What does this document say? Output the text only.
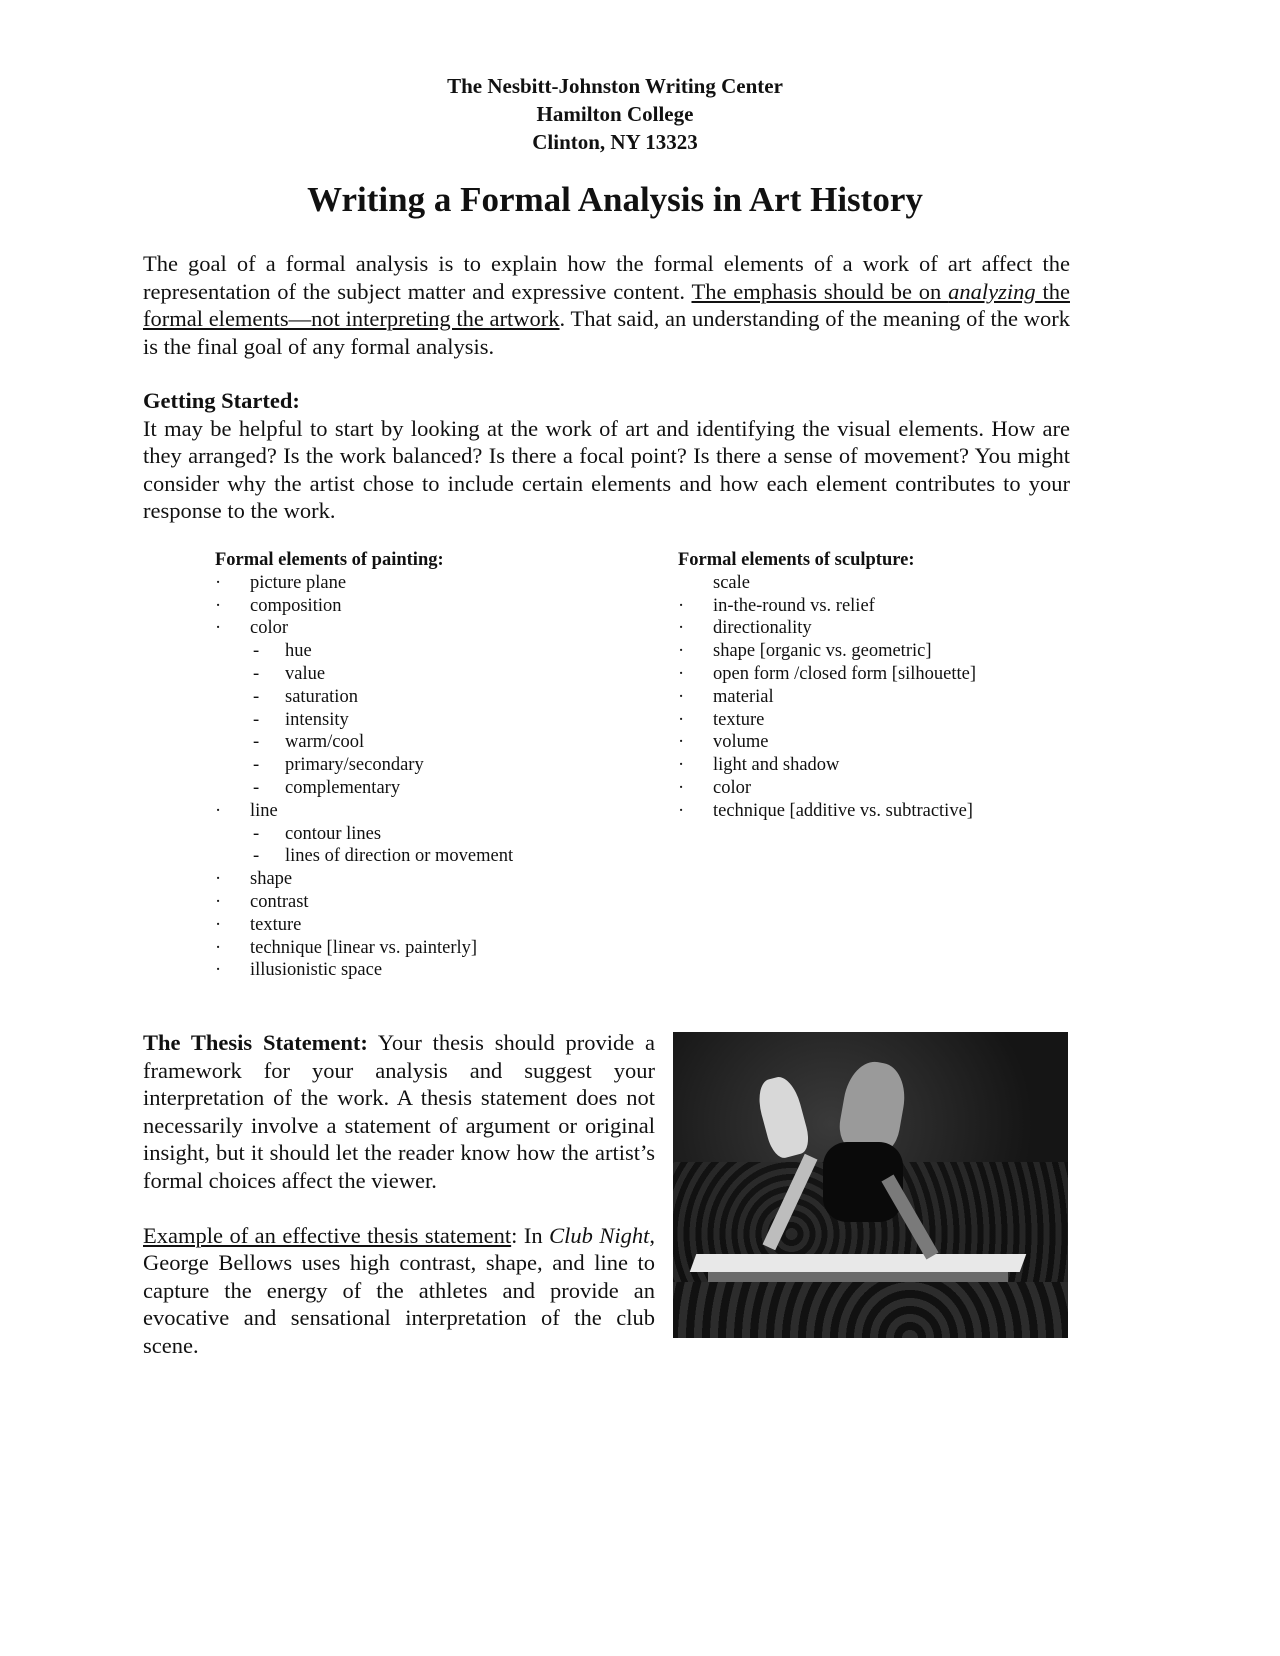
The Nesbitt-Johnston Writing Center
Hamilton College
Clinton, NY 13323
Writing a Formal Analysis in Art History
The goal of a formal analysis is to explain how the formal elements of a work of art affect the representation of the subject matter and expressive content. The emphasis should be on analyzing the formal elements—not interpreting the artwork. That said, an understanding of the meaning of the work is the final goal of any formal analysis.
Getting Started:
It may be helpful to start by looking at the work of art and identifying the visual elements. How are they arranged? Is the work balanced? Is there a focal point? Is there a sense of movement? You might consider why the artist chose to include certain elements and how each element contributes to your response to the work.
Formal elements of painting:
· picture plane
· composition
· color
- hue
- value
- saturation
- intensity
- warm/cool
- primary/secondary
- complementary
· line
- contour lines
- lines of direction or movement
· shape
· contrast
· texture
· technique [linear vs. painterly]
· illusionistic space
Formal elements of sculpture:
scale
· in-the-round vs. relief
· directionality
· shape [organic vs. geometric]
· open form /closed form [silhouette]
· material
· texture
· volume
· light and shadow
· color
· technique [additive vs. subtractive]

The Thesis Statement: Your thesis should provide a framework for your analysis and suggest your interpretation of the work. A thesis statement does not necessarily involve a statement of argument or original insight, but it should let the reader know how the artist’s formal choices affect the viewer.

Example of an effective thesis statement: In Club Night, George Bellows uses high contrast, shape, and line to capture the energy of the athletes and provide an evocative and sensational interpretation of the club scene.
